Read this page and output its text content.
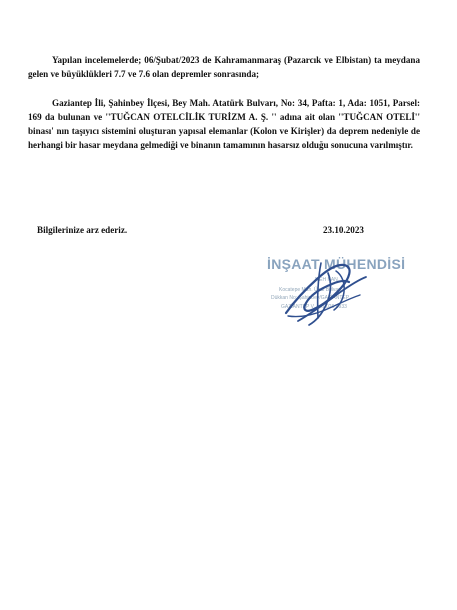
Yapılan incelemelerde; 06/Şubat/2023 de Kahramanmaraş (Pazarcık ve Elbistan) ta meydana gelen ve büyüklükleri 7.7 ve 7.6 olan depremler sonrasında;
Gaziantep İli, Şahinbey İlçesi, Bey Mah. Atatürk Bulvarı, No: 34, Pafta: 1, Ada: 1051, Parsel: 169 da bulunan ve ''TUĞCAN OTELCİLİK TURİZM A. Ş. '' adına ait olan ''TUĞCAN OTELİ'' binası' nın taşıyıcı sistemini oluşturan yapısal elemanlar (Kolon ve Kirişler) da deprem nedeniyle de herhangi bir hasar meydana gelmediği ve binanın tamamının hasarsız olduğu sonucuna varılmıştır.
Bilgilerinize arz ederiz.	23.10.2023
İNŞAAT MÜHENDİSİ
MEH KAN
Kocatepe Mah. Ünal Bulvarı
Dükkan No: Şahinbey/GAZİANTEP
GAZİANTEP V. 441 026 0933
